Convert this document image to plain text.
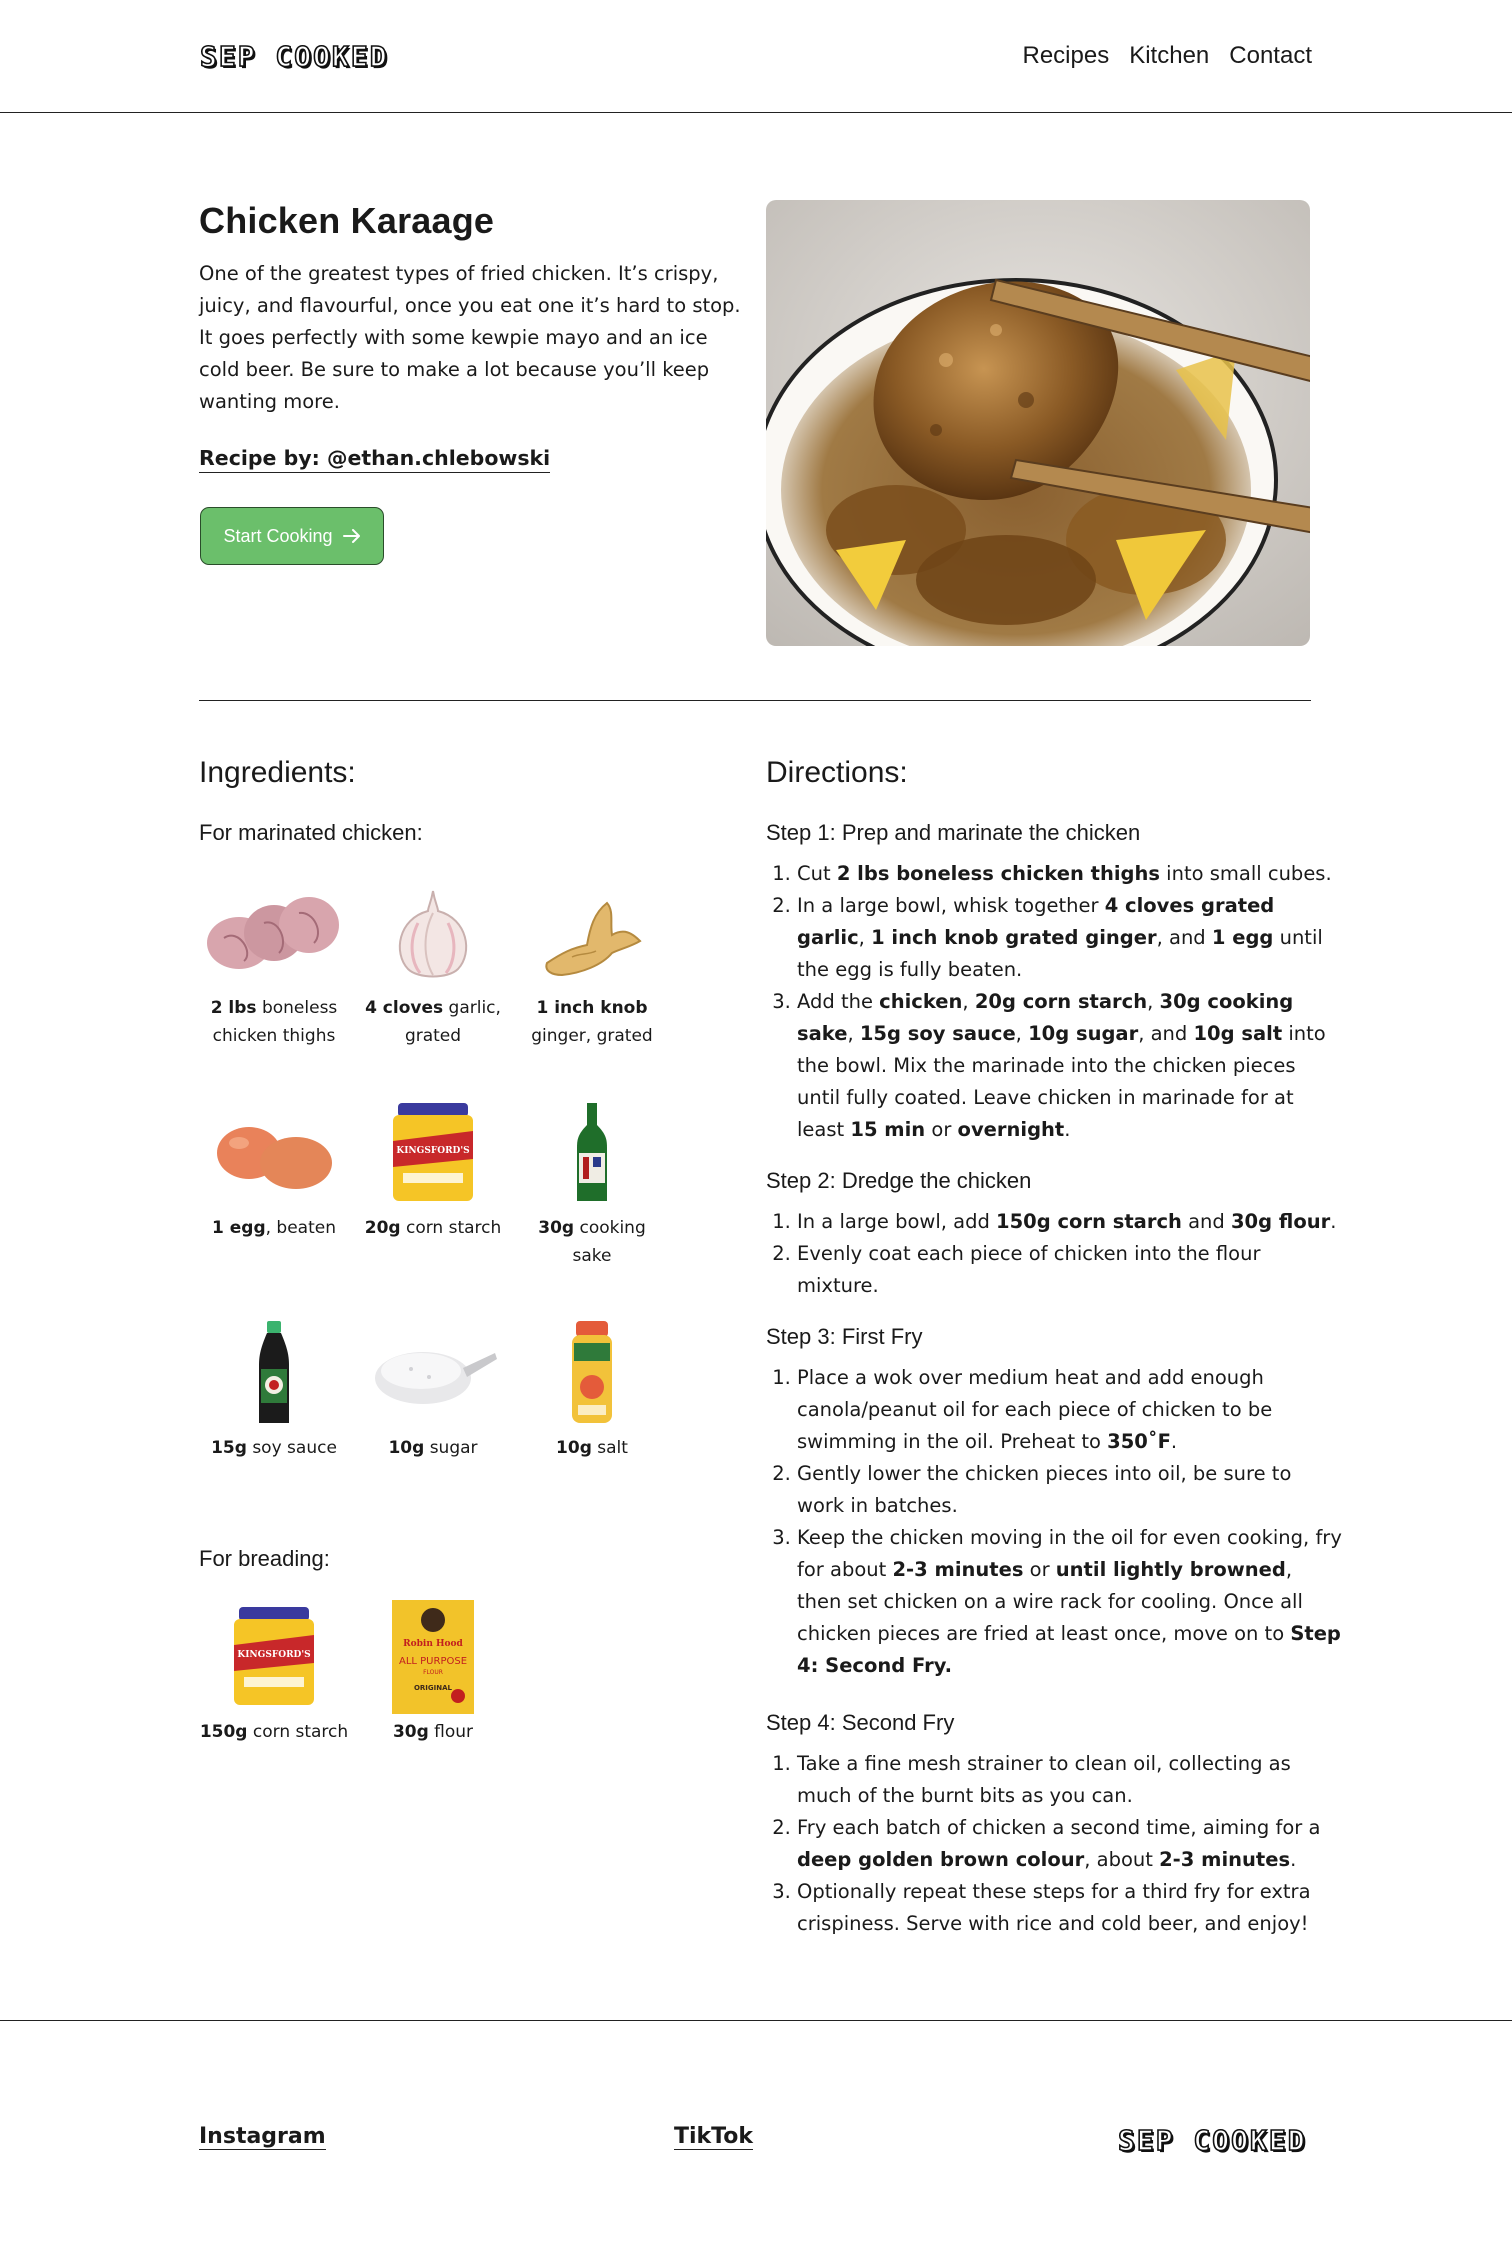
SEP COOKED	Recipes Kitchen Contact
Chicken Karaage

One of the greatest types of fried chicken. It’s crispy, juicy, and flavourful, once you eat one it’s hard to stop. It goes perfectly with some kewpie mayo and an ice cold beer. Be sure to make a lot because you’ll keep wanting more.

Recipe by: @ethan.chlebowski
Start Cooking
Ingredients:
For marinated chicken:
2 lbs boneless chicken thighs
4 cloves garlic, grated
1 inch knob ginger, grated
1 egg, beaten
KINGSFORD'S
20g corn starch	30g cooking sake
15g soy sauce	10g sugar	10g salt
For breading:
KINGSFORD'S
150g corn starch
Robin Hood
ALL PURPOSE
FLOUR
ORIGINAL
30g flour
Directions:
Step 1: Prep and marinate the chicken
1. Cut 2 lbs boneless chicken thighs into small cubes.
2. In a large bowl, whisk together 4 cloves grated garlic, 1 inch knob grated ginger, and 1 egg until the egg is fully beaten.
3. Add the chicken, 20g corn starch, 30g cooking sake, 15g soy sauce, 10g sugar, and 10g salt into the bowl. Mix the marinade into the chicken pieces until fully coated. Leave chicken in marinade for at least 15 min or overnight.
Step 2: Dredge the chicken
1. In a large bowl, add 150g corn starch and 30g flour.
2. Evenly coat each piece of chicken into the flour mixture.
Step 3: First Fry
1. Place a wok over medium heat and add enough canola/peanut oil for each piece of chicken to be swimming in the oil. Preheat to 350˚F.
2. Gently lower the chicken pieces into oil, be sure to work in batches.
3. Keep the chicken moving in the oil for even cooking, fry for about 2-3 minutes or until lightly browned, then set chicken on a wire rack for cooling. Once all chicken pieces are fried at least once, move on to Step 4: Second Fry.
Step 4: Second Fry
1. Take a fine mesh strainer to clean oil, collecting as much of the burnt bits as you can.
2. Fry each batch of chicken a second time, aiming for a deep golden brown colour, about 2-3 minutes.
3. Optionally repeat these steps for a third fry for extra crispiness. Serve with rice and cold beer, and enjoy!
Instagram	TikTok	SEP COOKED
